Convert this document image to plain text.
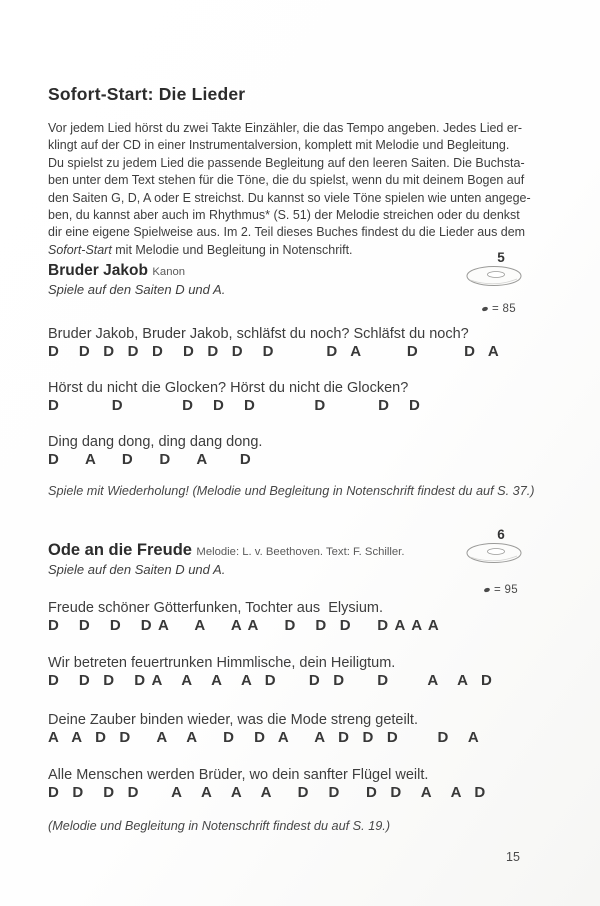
Sofort-Start: Die Lieder
Vor jedem Lied hörst du zwei Takte Einzähler, die das Tempo angeben. Jedes Lied er-
klingt auf der CD in einer Instrumentalversion, komplett mit Melodie und Begleitung.
Du spielst zu jedem Lied die passende Begleitung auf den leeren Saiten. Die Buchsta-
ben unter dem Text stehen für die Töne, die du spielst, wenn du mit deinem Bogen auf
den Saiten G, D, A oder E streichst. Du kannst so viele Töne spielen wie unten angege-
ben, du kannst aber auch im Rhythmus* (S. 51) der Melodie streichen oder du denkst
dir eine eigene Spielweise aus. Im 2. Teil dieses Buches findest du die Lieder aus dem
Sofort-Start mit Melodie und Begleitung in Notenschrift.
Bruder Jakob Kanon
Spiele auf den Saiten D und A.
5
= 85
Bruder Jakob, Bruder Jakob, schläfst du noch? Schläfst du noch?
D   D  D  D  D   D  D  D   D        D  A       D       D  A
Hörst du nicht die Glocken? Hörst du nicht die Glocken?
D        D         D   D   D         D        D   D
Ding dang dong, ding dang dong.
D    A    D    D    A     D
Spiele mit Wiederholung! (Melodie und Begleitung in Notenschrift findest du auf S. 37.)
Ode an die Freude Melodie: L. v. Beethoven. Text: F. Schiller.
Spiele auf den Saiten D und A.
6
= 95
Freude schöner Götterfunken, Tochter aus  Elysium.
D   D   D   D A    A    A A    D   D  D    D A A A
Wir betreten feuertrunken Himmlische, dein Heiligtum.
D   D  D   D A   A   A   A  D     D  D     D      A   A  D
Deine Zauber binden wieder, was die Mode streng geteilt.
A  A  D  D    A   A    D   D  A    A  D  D  D      D   A
Alle Menschen werden Brüder, wo dein sanfter Flügel weilt.
D  D   D  D     A   A   A   A    D   D    D  D   A   A  D
(Melodie und Begleitung in Notenschrift findest du auf S. 19.)
15
